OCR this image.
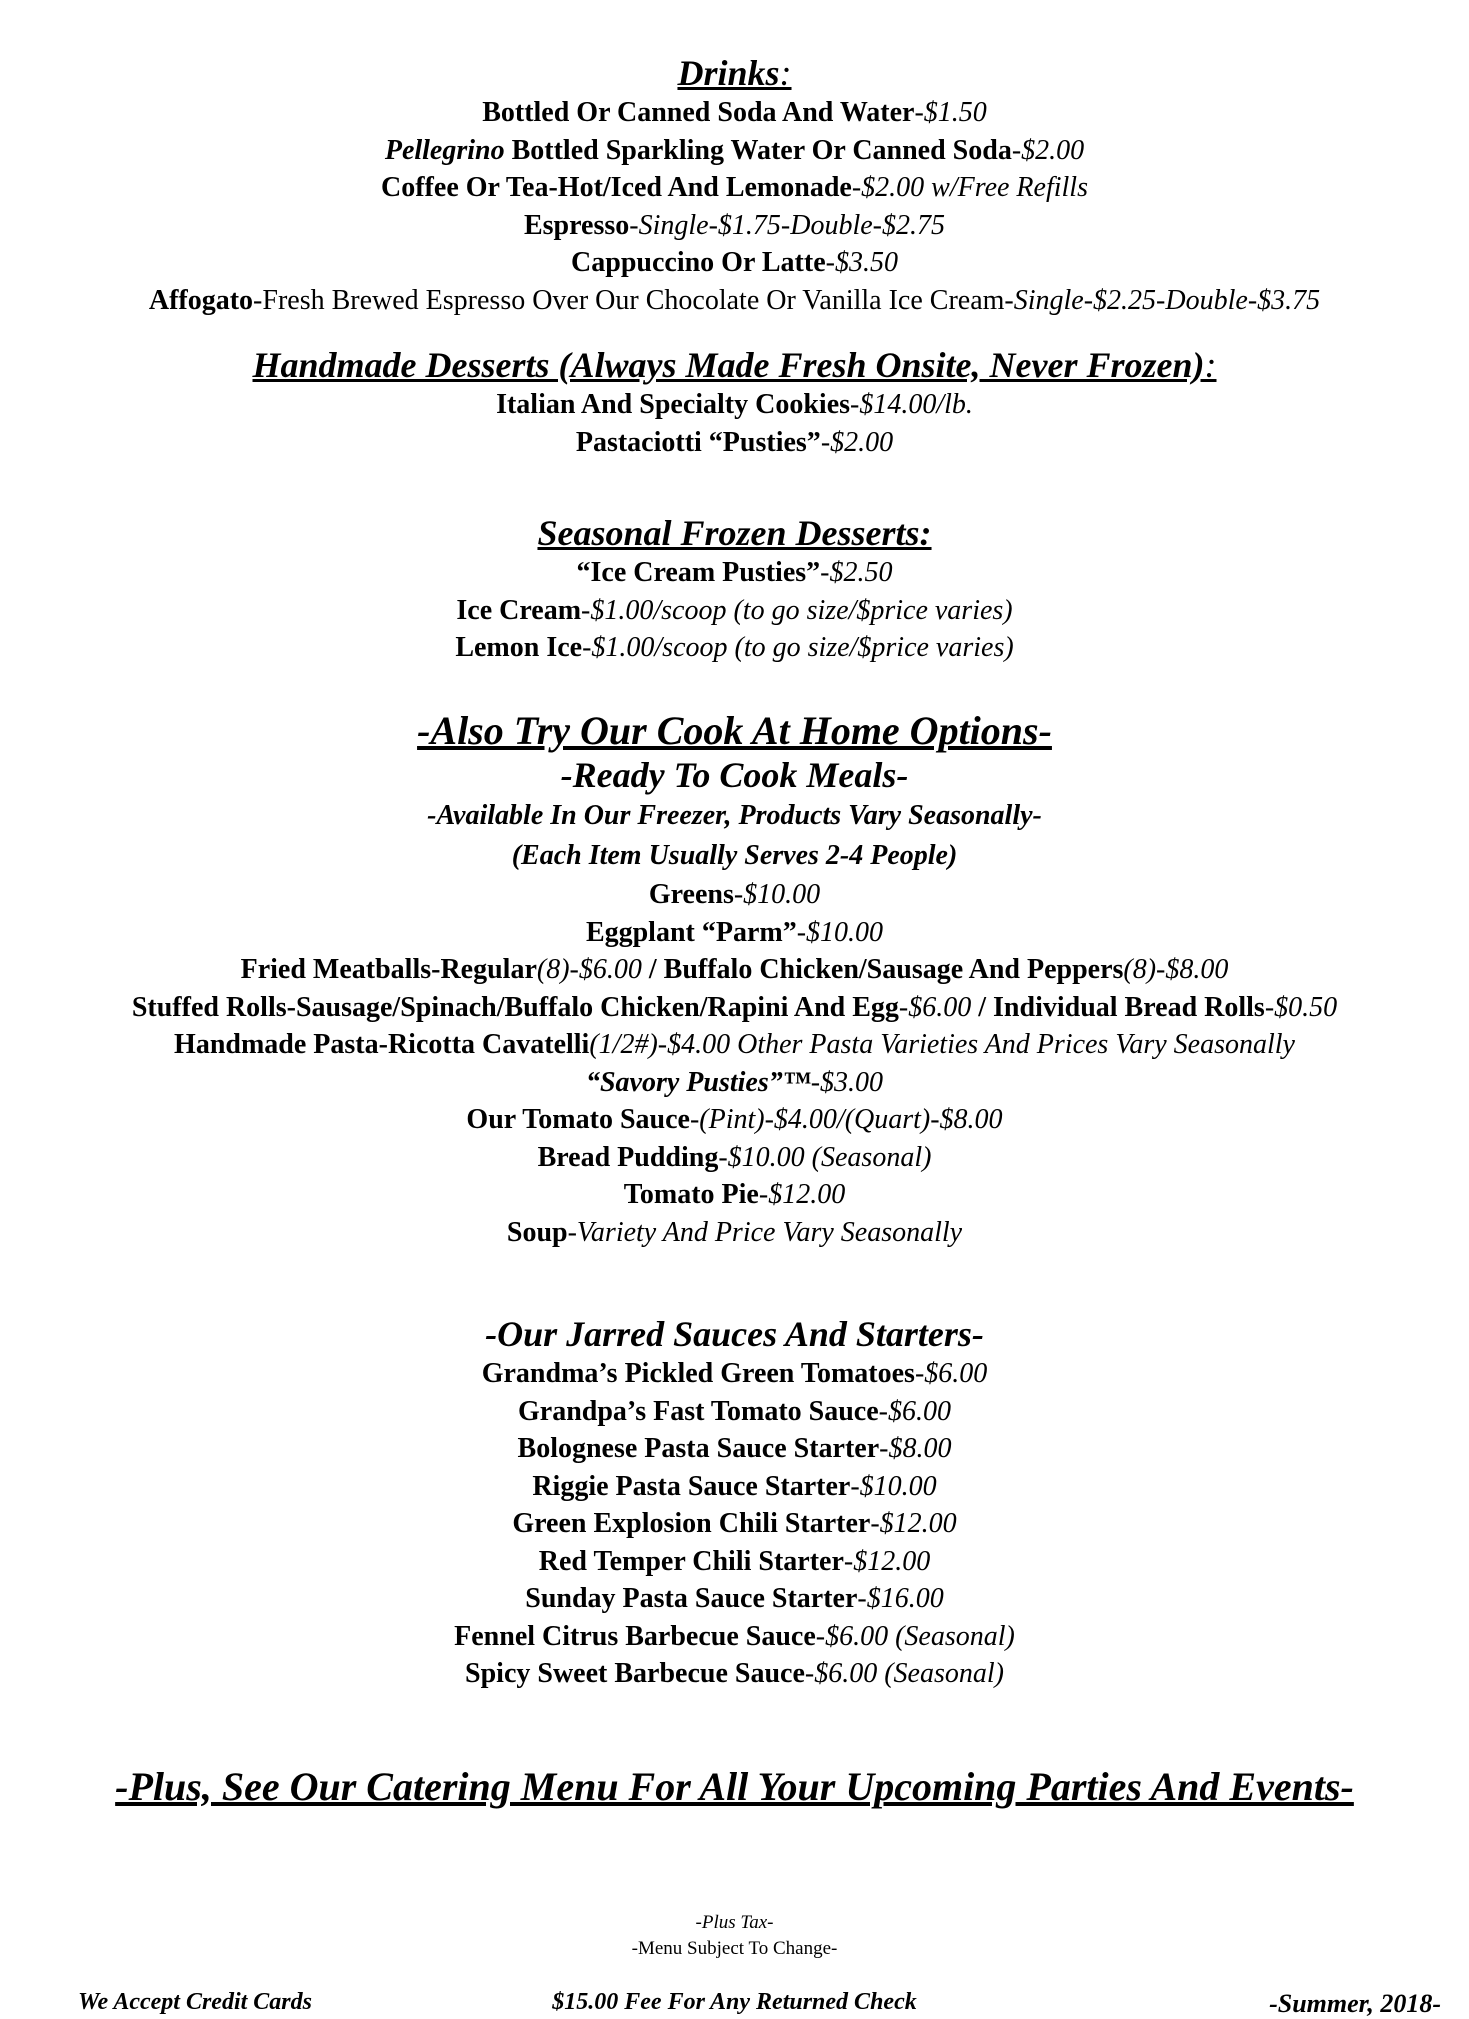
Drinks:
Bottled Or Canned Soda And Water-$1.50
Pellegrino Bottled Sparkling Water Or Canned Soda-$2.00
Coffee Or Tea-Hot/Iced And Lemonade-$2.00 w/Free Refills
Espresso-Single-$1.75-Double-$2.75
Cappuccino Or Latte-$3.50
Affogato-Fresh Brewed Espresso Over Our Chocolate Or Vanilla Ice Cream-Single-$2.25-Double-$3.75
Handmade Desserts (Always Made Fresh Onsite, Never Frozen):
Italian And Specialty Cookies-$14.00/lb.
Pastaciotti “Pusties”-$2.00
Seasonal Frozen Desserts:
“Ice Cream Pusties”-$2.50
Ice Cream-$1.00/scoop (to go size/$price varies)
Lemon Ice-$1.00/scoop (to go size/$price varies)
-Also Try Our Cook At Home Options-
-Ready To Cook Meals-
-Available In Our Freezer, Products Vary Seasonally-
(Each Item Usually Serves 2-4 People)
Greens-$10.00
Eggplant “Parm”-$10.00
Fried Meatballs-Regular(8)-$6.00 / Buffalo Chicken/Sausage And Peppers(8)-$8.00
Stuffed Rolls-Sausage/Spinach/Buffalo Chicken/Rapini And Egg-$6.00 / Individual Bread Rolls-$0.50
Handmade Pasta-Ricotta Cavatelli(1/2#)-$4.00 Other Pasta Varieties And Prices Vary Seasonally
“Savory Pusties”™-$3.00
Our Tomato Sauce-(Pint)-$4.00/(Quart)-$8.00
Bread Pudding-$10.00 (Seasonal)
Tomato Pie-$12.00
Soup-Variety And Price Vary Seasonally
-Our Jarred Sauces And Starters-
Grandma’s Pickled Green Tomatoes-$6.00
Grandpa’s Fast Tomato Sauce-$6.00
Bolognese Pasta Sauce Starter-$8.00
Riggie Pasta Sauce Starter-$10.00
Green Explosion Chili Starter-$12.00
Red Temper Chili Starter-$12.00
Sunday Pasta Sauce Starter-$16.00
Fennel Citrus Barbecue Sauce-$6.00 (Seasonal)
Spicy Sweet Barbecue Sauce-$6.00 (Seasonal)
-Plus, See Our Catering Menu For All Your Upcoming Parties And Events-
-Plus Tax-
-Menu Subject To Change-
We Accept Credit Cards	$15.00 Fee For Any Returned Check	-Summer, 2018-
